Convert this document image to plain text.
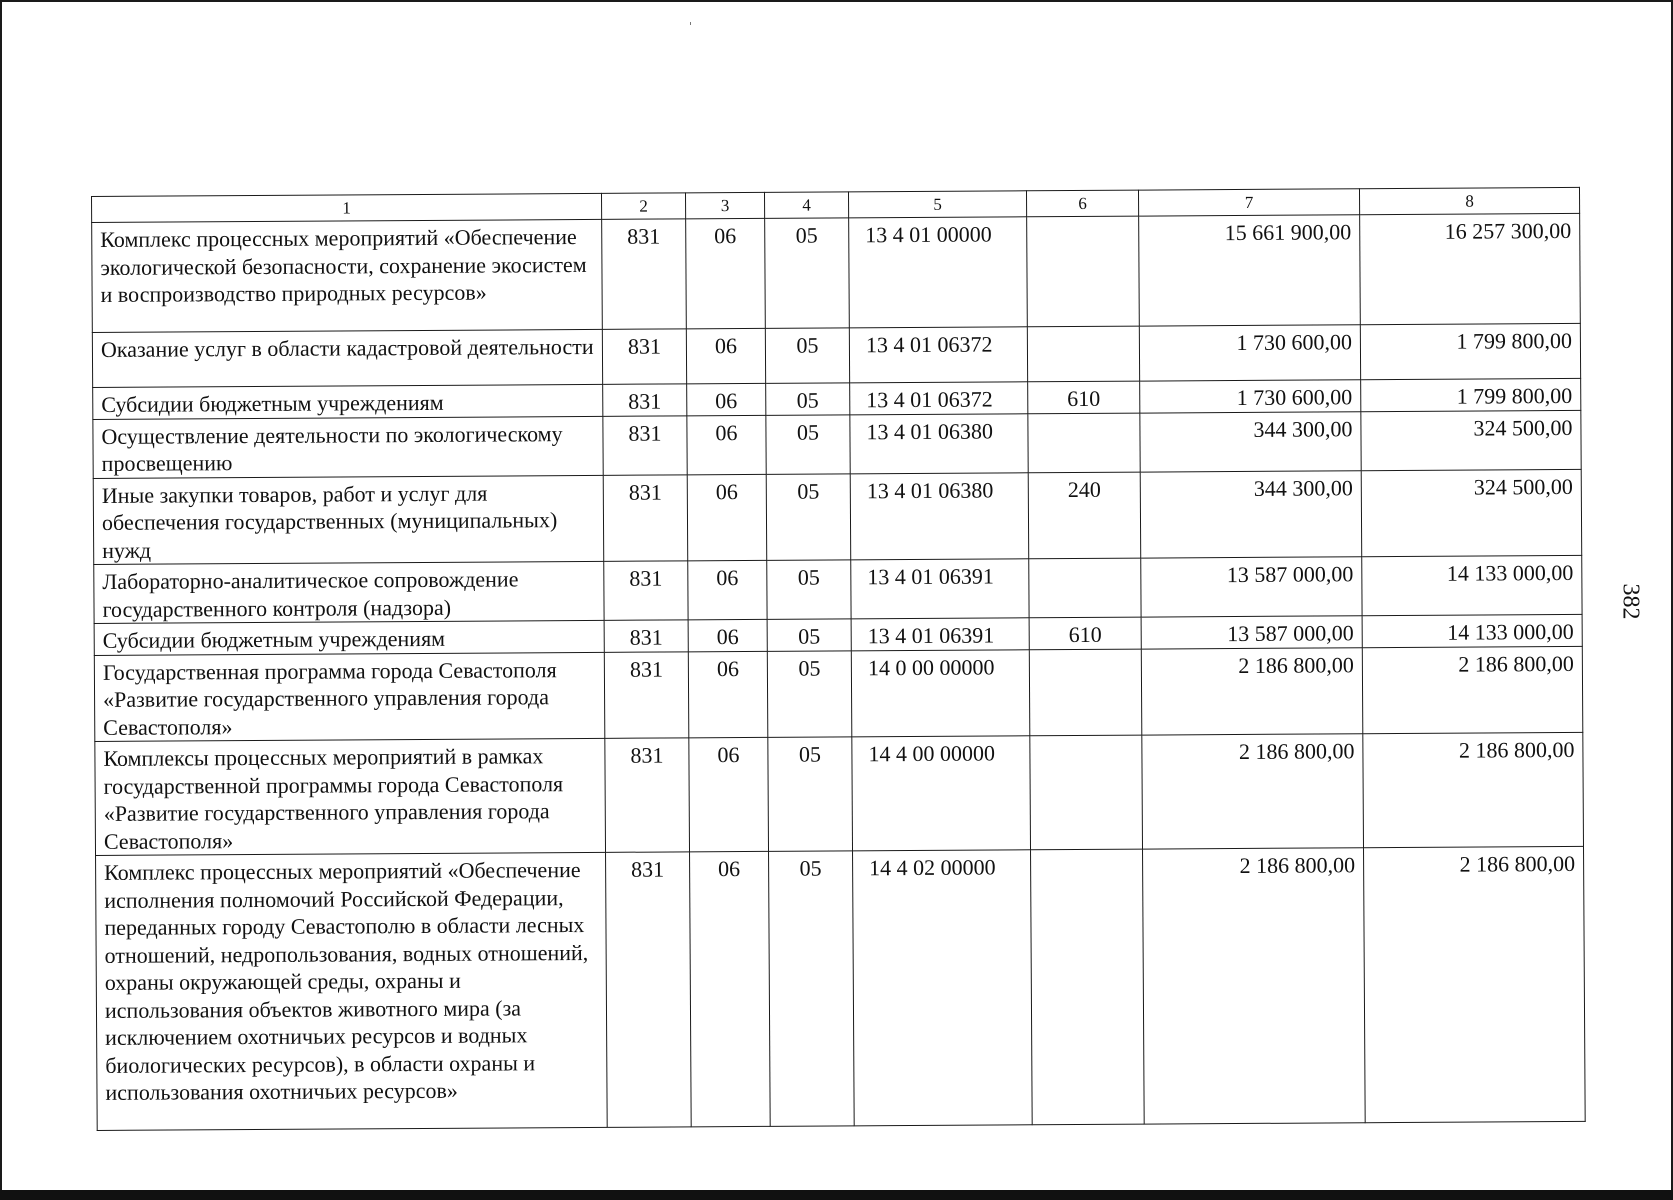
1	2	3	4	5	6	7	8
Комплекс процессных мероприятий «Обеспечение экологической безопасности, сохранение экосистем и воспроизводство природных ресурсов»	831	06	05	13 4 01 00000		15 661 900,00	16 257 300,00
Оказание услуг в области кадастровой деятельности	831	06	05	13 4 01 06372		1 730 600,00	1 799 800,00
Субсидии бюджетным учреждениям	831	06	05	13 4 01 06372	610	1 730 600,00	1 799 800,00
Осуществление деятельности по экологическому просвещению	831	06	05	13 4 01 06380		344 300,00	324 500,00
Иные закупки товаров, работ и услуг для обеспечения государственных (муниципальных) нужд	831	06	05	13 4 01 06380	240	344 300,00	324 500,00
Лабораторно-аналитическое сопровождение государственного контроля (надзора)	831	06	05	13 4 01 06391		13 587 000,00	14 133 000,00
Субсидии бюджетным учреждениям	831	06	05	13 4 01 06391	610	13 587 000,00	14 133 000,00
Государственная программа города Севастополя «Развитие государственного управления города Севастополя»	831	06	05	14 0 00 00000		2 186 800,00	2 186 800,00
Комплексы процессных мероприятий в рамках государственной программы города Севастополя «Развитие государственного управления города Севастополя»	831	06	05	14 4 00 00000		2 186 800,00	2 186 800,00
Комплекс процессных мероприятий «Обеспечение исполнения полномочий Российской Федерации, переданных городу Севастополю в области лесных отношений, недропользования, водных отношений, охраны окружающей среды, охраны и использования объектов животного мира (за исключением охотничьих ресурсов и водных биологических ресурсов), в области охраны и использования охотничьих ресурсов»	831	06	05	14 4 02 00000		2 186 800,00	2 186 800,00
382
